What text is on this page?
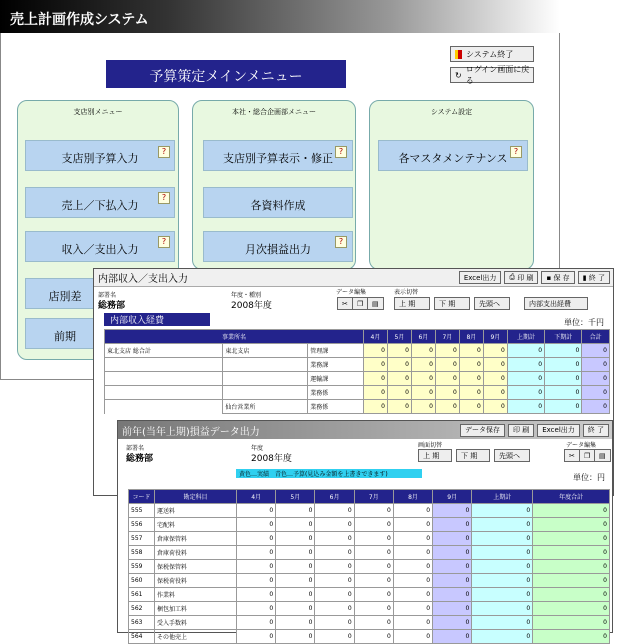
売上計画作成システム
システム終了
↻
ログイン画面に戻る
予算策定メインメニュー
支店別メニュー	本社・総合企画部メニュー	システム設定
支店別予算入力
?
売上／下払入力
?
収入／支出入力
?
店別差
前期
支店別予算表示・修正
?
各資料作成
月次損益出力
?
各マスタメンテナンス
?
内部収入／支出入力	Excel出力	⎙ 印 刷	▪ 保 存	▮ 終 了
部署名
総務部
年度・種別
2008年度
データ編集
✂	❐	▤
表示切替
上 期	下 期	先頭へ	内部支出経費
内部収入経費	単位：千円
事業所名			4月	5月	6月	7月	8月	9月	上期計	下期計	合計
東北支店 総合計	東北支店	管理課	0	0	0	0	0	0	0	0	0
		業務課	0	0	0	0	0	0	0	0	0
		運輸課	0	0	0	0	0	0	0	0	0
		業務係	0	0	0	0	0	0	0	0	0
	仙台営業所	業務係	0	0	0	0	0	0	0	0	0
前年(当年上期)損益データ出力	データ保存	印 刷	Excel出力	終 了
部署名
総務部
年度
2008年度
画面切替
上 期	下 期	先頭へ
データ編集
✂	❐	▤
黄色…実績　青色…予算(見込み金額を上書きできます)	単位：円
コード	勘定科目	4月	5月	6月	7月	8月	9月	上期計	年度合計
555	運送料	0	0	0	0	0	0	0	0
556	宅配料	0	0	0	0	0	0	0	0
557	倉庫保管料	0	0	0	0	0	0	0	0
558	倉庫荷役料	0	0	0	0	0	0	0	0
559	保税保管料	0	0	0	0	0	0	0	0
560	保税荷役料	0	0	0	0	0	0	0	0
561	作業料	0	0	0	0	0	0	0	0
562	梱包加工料	0	0	0	0	0	0	0	0
563	受入手数料	0	0	0	0	0	0	0	0
564	その他売上	0	0	0	0	0	0	0	0
